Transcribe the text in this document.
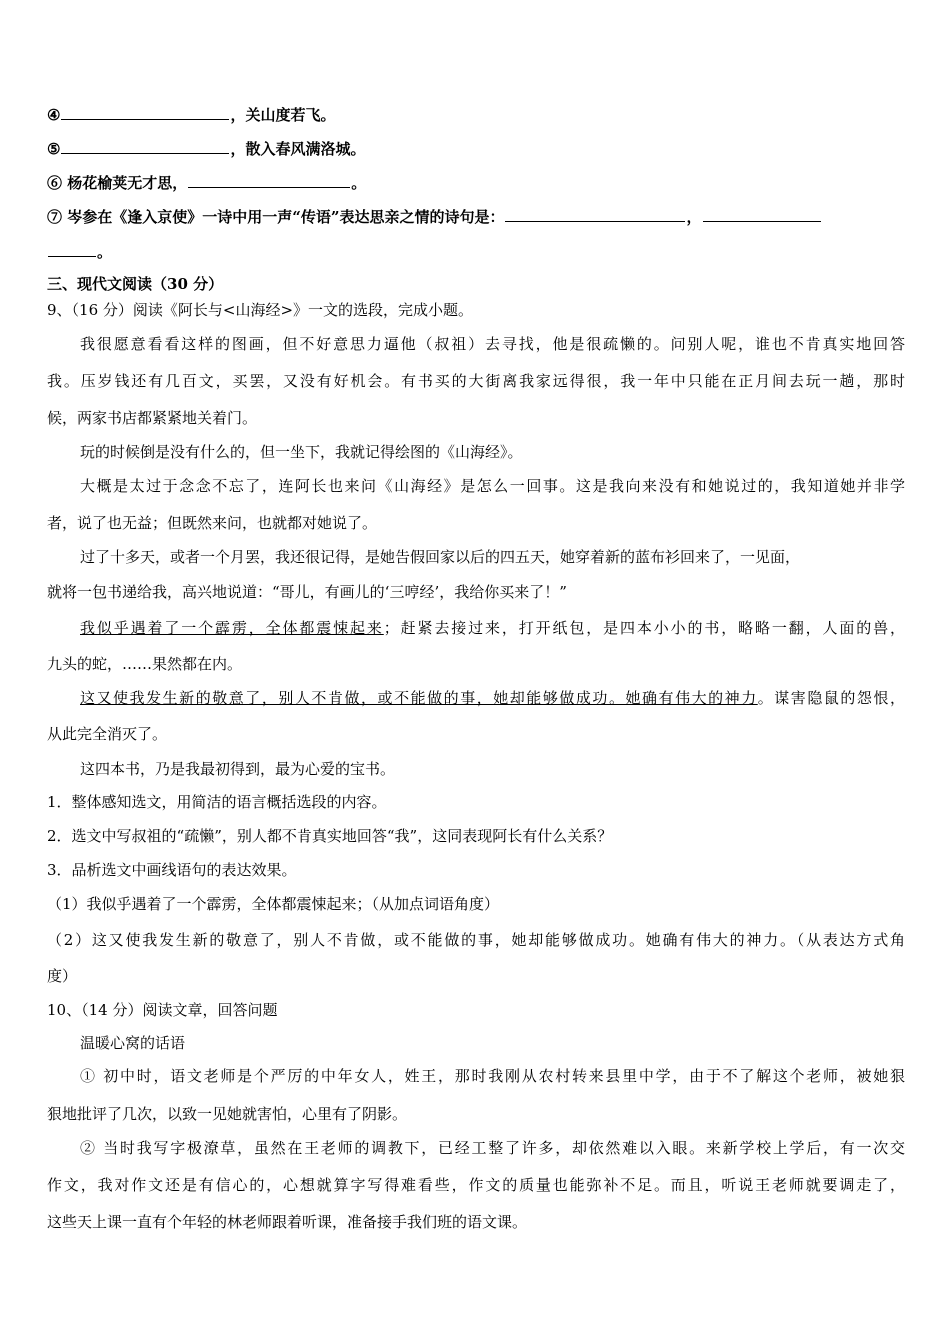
④	，关山度若飞。
⑤	，散入春风满洛城。
⑥ 杨花榆荚无才思，	。
⑦ 岑参在《逢入京使》一诗中用一声“传语”表达思亲之情的诗句是：	，
。
三、现代文阅读（30 分）
9、（16 分）阅读《阿长与<山海经>》一文的选段，完成小题。
我很愿意看看这样的图画，但不好意思力逼他（叔祖）去寻找，他是很疏懒的。问别人呢，谁也不肯真实地回答
我。压岁钱还有几百文，买罢，又没有好机会。有书买的大街离我家远得很，我一年中只能在正月间去玩一趟，那时
候，两家书店都紧紧地关着门。
玩的时候倒是没有什么的，但一坐下，我就记得绘图的《山海经》。
大概是太过于念念不忘了，连阿长也来问《山海经》是怎么一回事。这是我向来没有和她说过的，我知道她并非学
者，说了也无益；但既然来问，也就都对她说了。
过了十多天，或者一个月罢，我还很记得，是她告假回家以后的四五天，她穿着新的蓝布衫回来了，一见面，
就将一包书递给我，高兴地说道：“哥儿，有画儿的‘三哼经’，我给你买来了！”
我似乎遇着了一个霹雳，全体都震悚起来；赶紧去接过来，打开纸包，是四本小小的书，略略一翻，人面的兽，
九头的蛇，……果然都在内。
这又使我发生新的敬意了，别人不肯做，或不能做的事，她却能够做成功。她确有伟大的神力。谋害隐鼠的怨恨，
从此完全消灭了。
这四本书，乃是我最初得到，最为心爱的宝书。
1．整体感知选文，用简洁的语言概括选段的内容。
2．选文中写叔祖的“疏懒”，别人都不肯真实地回答“我”，这同表现阿长有什么关系？
3．品析选文中画线语句的表达效果。
（1）我似乎遇着了一个霹雳，全体都震悚起来；（从加点词语角度）
（2）这又使我发生新的敬意了，别人不肯做，或不能做的事，她却能够做成功。她确有伟大的神力。（从表达方式角
度）
10、（14 分）阅读文章，回答问题
温暖心窝的话语
① 初中时，语文老师是个严厉的中年女人，姓王，那时我刚从农村转来县里中学，由于不了解这个老师，被她狠
狠地批评了几次，以致一见她就害怕，心里有了阴影。
② 当时我写字极潦草，虽然在王老师的调教下，已经工整了许多，却依然难以入眼。来新学校上学后，有一次交
作文，我对作文还是有信心的，心想就算字写得难看些，作文的质量也能弥补不足。而且，听说王老师就要调走了，
这些天上课一直有个年轻的林老师跟着听课，准备接手我们班的语文课。
